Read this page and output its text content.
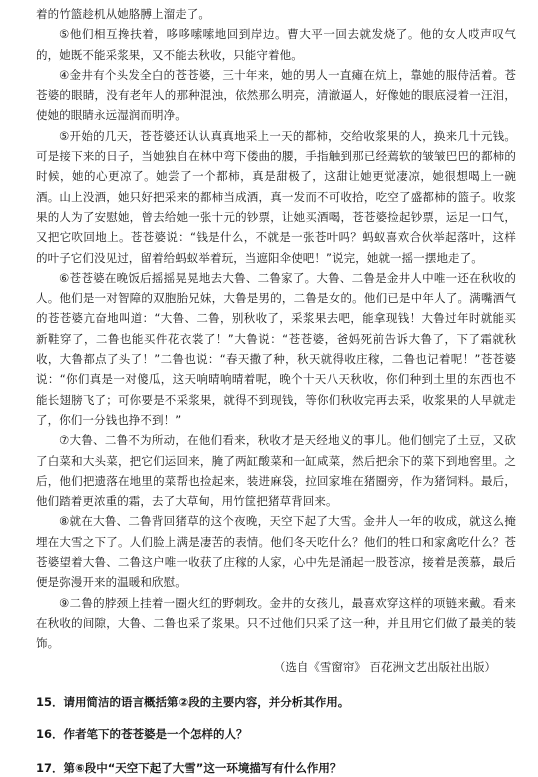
着的竹篮趁机从她胳膊上溜走了。

⑤他们相互搀扶着，哆哆嗦嗦地回到岸边。曹大平一回去就发烧了。他的女人哎声叹气的，她既不能采浆果，又不能去秋收，只能守着他。

④金井有个头发全白的苍苍婆，三十年来，她的男人一直瘫在炕上，靠她的服侍活着。苍苍婆的眼睛，没有老年人的那种混浊，依然那么明亮，清澈逼人，好像她的眼底浸着一汪泪，使她的眼睛永远湿润而明净。

⑤开始的几天，苍苍婆还认认真真地采上一天的都柿，交给收浆果的人，换来几十元钱。可是接下来的日子，当她独自在林中弯下偻曲的腰，手指触到那已经蔫软的皱皱巴巴的都柿的时候，她的心更凉了。她尝了一个都柿，真是甜极了，这甜让她更觉凄凉，她很想喝上一碗酒。山上没酒，她只好把采来的都柿当成酒，真一发而不可收拾，吃空了盛都柿的篮子。收浆果的人为了安慰她，曾去给她一张十元的钞票，让她买酒喝，苍苍婆捡起钞票，运足一口气，又把它吹回地上。苍苍婆说：“钱是什么，不就是一张苍叶吗？蚂蚁喜欢合伙举起落叶，这样的叶子它们没见过，留着给蚂蚁举着玩，当遮阳伞使吧！”说完，她就一摇一摆地走了。

⑥苍苍婆在晚饭后摇摇晃晃地去大鲁、二鲁家了。大鲁、二鲁是金井人中唯一还在秋收的人。他们是一对智障的双胞胎兄妹，大鲁是男的，二鲁是女的。他们已是中年人了。满嘴酒气的苍苍婆亢奋地叫道：“大鲁、二鲁，别秋收了，采浆果去吧，能拿现钱！大鲁过年时就能买新鞋穿了，二鲁也能买件花衣裳了！”大鲁说：“苍苍婆，爸妈死前告诉大鲁了，下了霜就秋收，大鲁都点了头了！”二鲁也说：“春天撒了种，秋天就得收庄稼，二鲁也记着呢！”苍苍婆说：“你们真是一对傻瓜，这天响晴响晴着呢，晚个十天八天秋收，你们种到土里的东西也不能长翅膀飞了；可你要是不采浆果，就得不到现钱，等你们秋收完再去采，收浆果的人早就走了，你们一分钱也挣不到！”

⑦大鲁、二鲁不为所动，在他们看来，秋收才是天经地义的事儿。他们刨完了土豆，又砍了白菜和大头菜，把它们运回来，腌了两缸酸菜和一缸咸菜，然后把余下的菜下到地窖里。之后，他们把遗落在地里的菜帮也捡起来，装进麻袋，拉回家堆在猪圈旁，作为猪饲料。最后，他们踏着更浓重的霜，去了大草甸，用竹筐把猪草背回来。

⑧就在大鲁、二鲁背回猪草的这个夜晚，天空下起了大雪。金井人一年的收成，就这么掩埋在大雪之下了。人们脸上满是凄苦的表情。他们冬天吃什么？他们的牲口和家禽吃什么？苍苍婆望着大鲁、二鲁这户唯一收获了庄稼的人家，心中先是涌起一股苍凉，接着是羡慕，最后便是弥漫开来的温暖和欣慰。

⑨二鲁的脖颈上挂着一圈火红的野刺玫。金井的女孩儿，最喜欢穿这样的项链来戴。看来在秋收的间隙，大鲁、二鲁也采了浆果。只不过他们只采了这一种，并且用它们做了最美的装饰。

（选自《雪窗帘》 百花洲文艺出版社出版）

15．请用简洁的语言概括第②段的主要内容，并分析其作用。

16．作者笔下的苍苍婆是一个怎样的人？

17．第⑥段中“天空下起了大雪”这一环境描写有什么作用？
